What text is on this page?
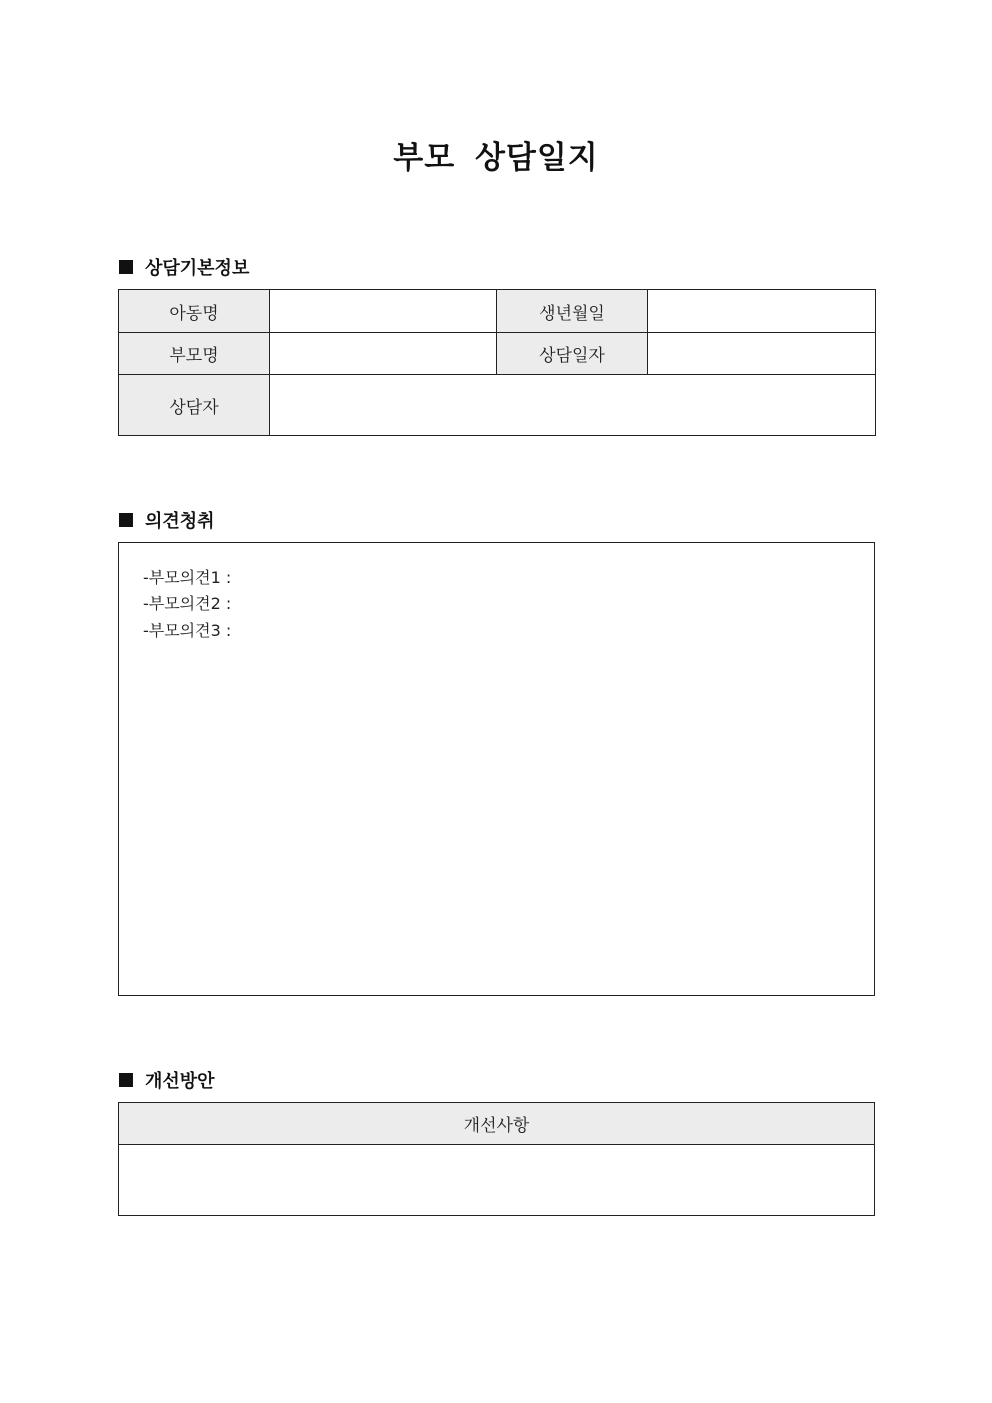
부모 상담일지
상담기본정보
아동명		생년월일	
부모명		상담일자	
상담자			
의견청취
-부모의견1 :
-부모의견2 :
-부모의견3 :
개선방안
개선사항
